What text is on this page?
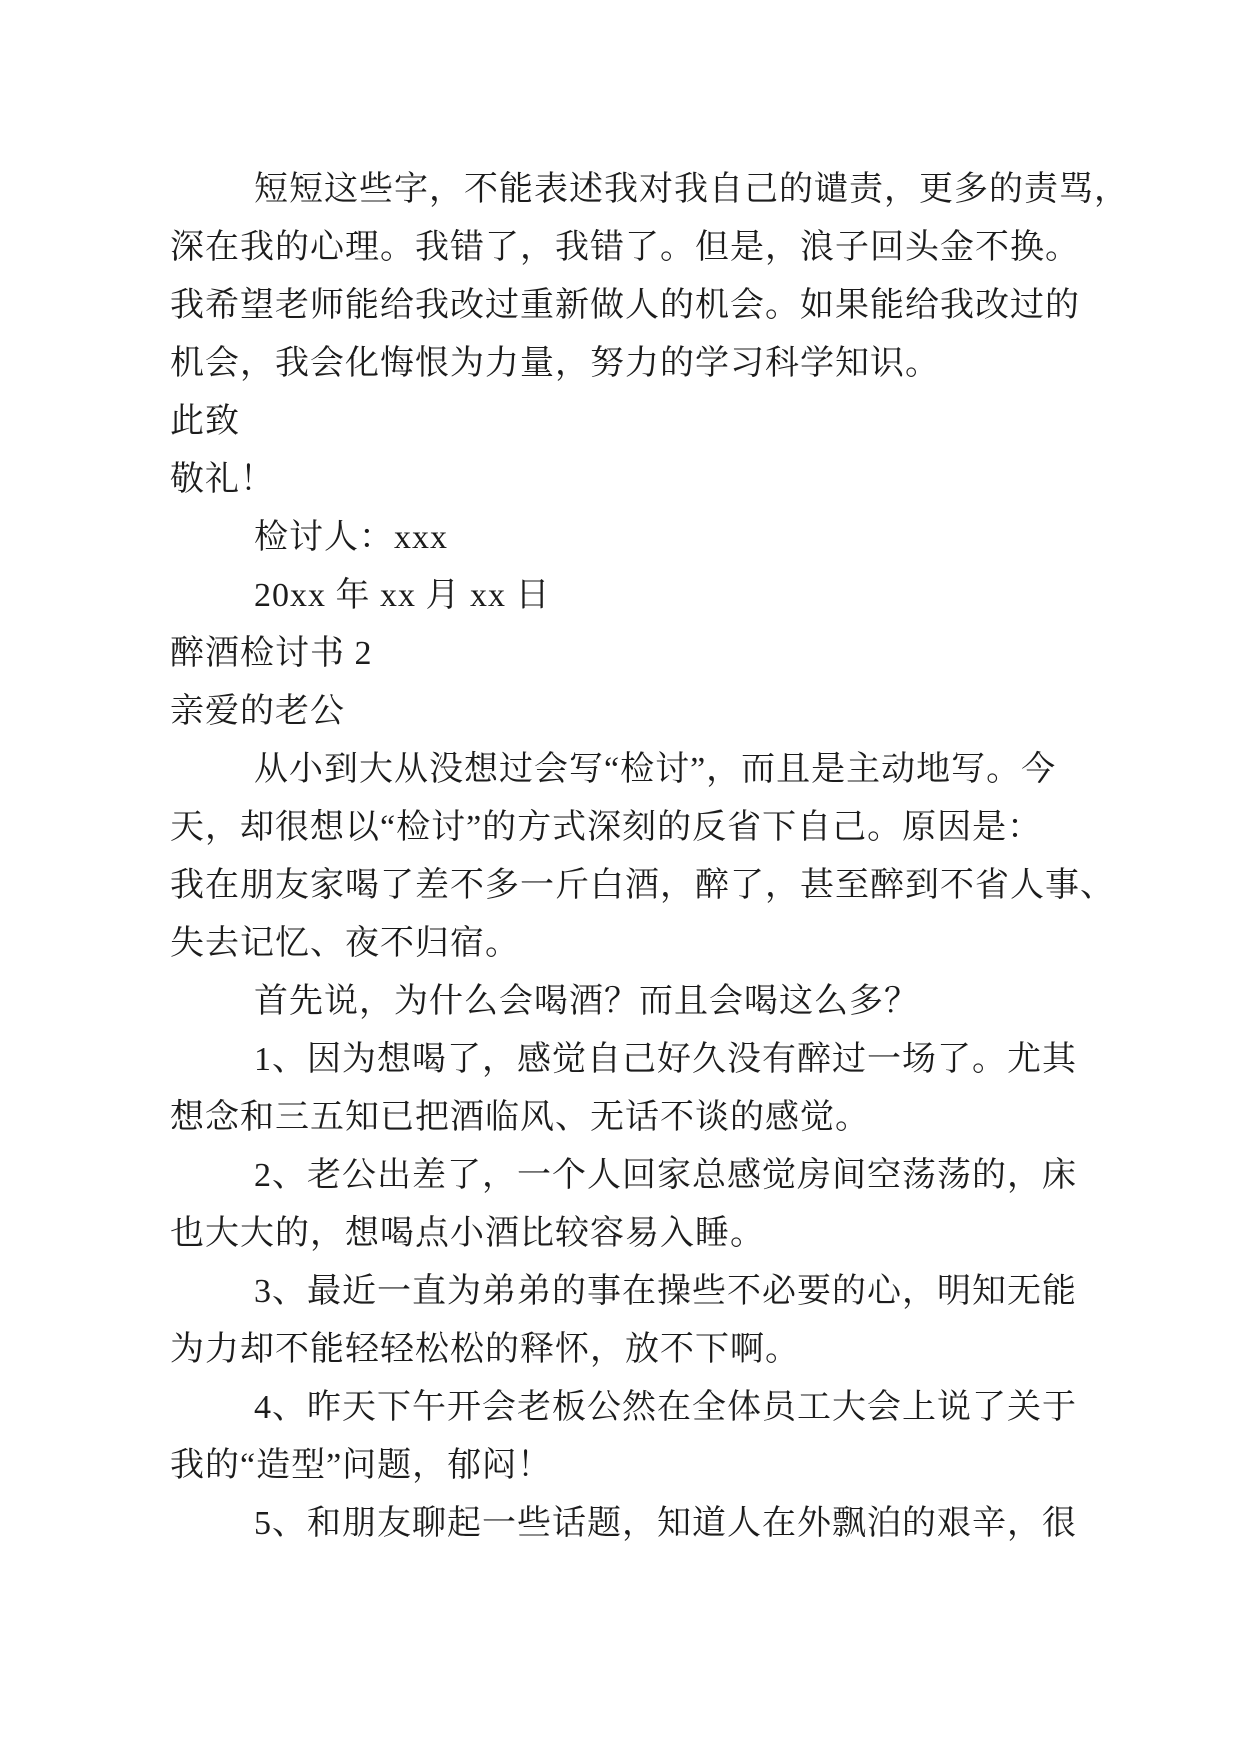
短短这些字，不能表述我对我自己的谴责，更多的责骂，
深在我的心理。我错了，我错了。但是，浪子回头金不换。
我希望老师能给我改过重新做人的机会。如果能给我改过的
机会，我会化悔恨为力量，努力的学习科学知识。
此致
敬礼！
检讨人：xxx
20xx 年 xx 月 xx 日
醉酒检讨书 2
亲爱的老公
从小到大从没想过会写“检讨”，而且是主动地写。今
天，却很想以“检讨”的方式深刻的反省下自己。原因是：
我在朋友家喝了差不多一斤白酒，醉了，甚至醉到不省人事、
失去记忆、夜不归宿。
首先说，为什么会喝酒？而且会喝这么多？
1、因为想喝了，感觉自己好久没有醉过一场了。尤其
想念和三五知已把酒临风、无话不谈的感觉。
2、老公出差了，一个人回家总感觉房间空荡荡的，床
也大大的，想喝点小酒比较容易入睡。
3、最近一直为弟弟的事在操些不必要的心，明知无能
为力却不能轻轻松松的释怀，放不下啊。
4、昨天下午开会老板公然在全体员工大会上说了关于
我的“造型”问题，郁闷！
5、和朋友聊起一些话题，知道人在外飘泊的艰辛，很
